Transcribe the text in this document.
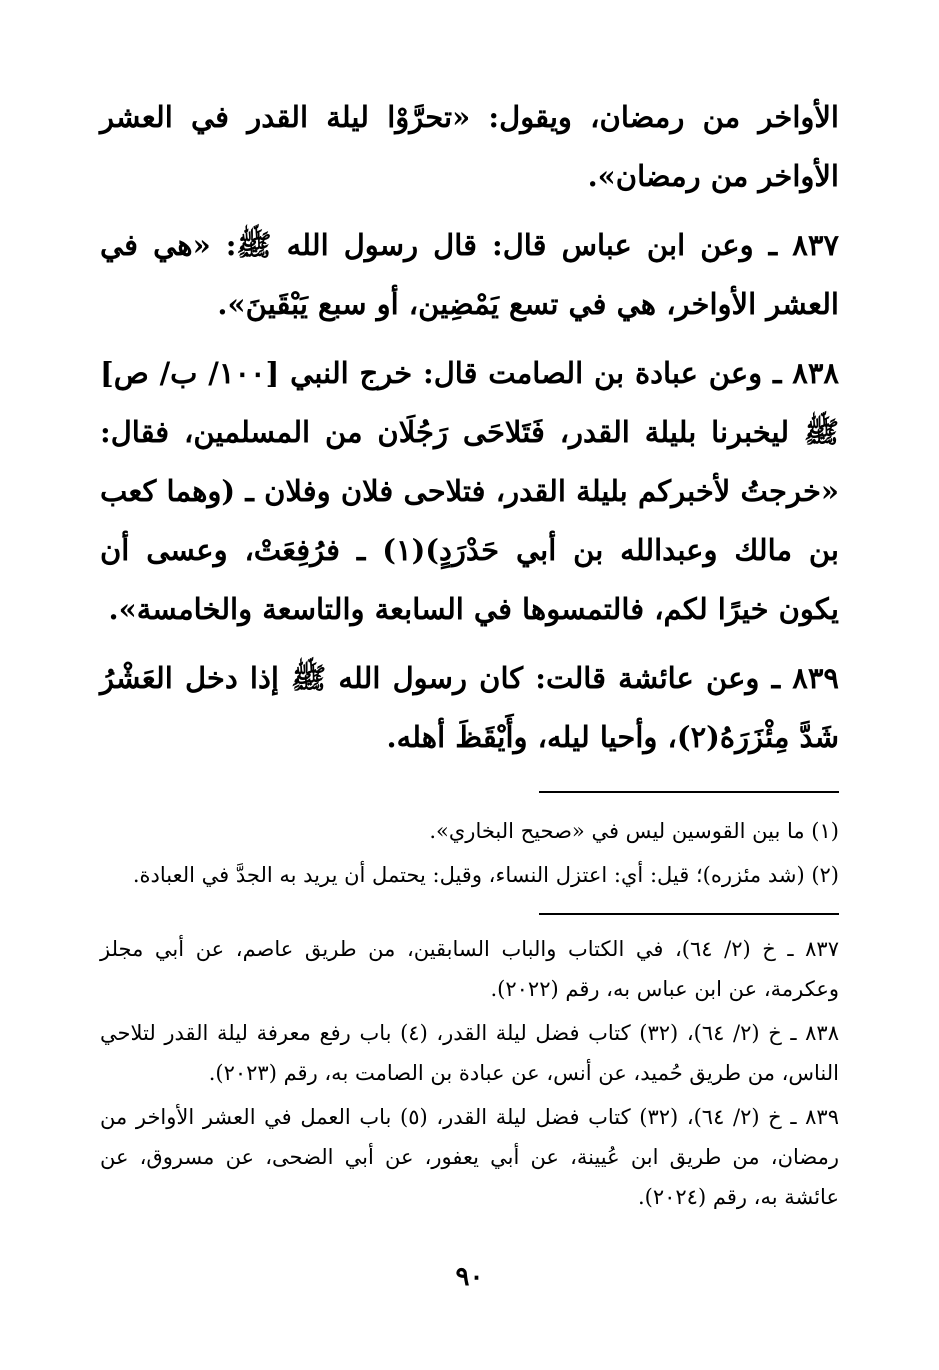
الأواخر من رمضان، ويقول: «تحرَّوْا ليلة القدر في العشر الأواخر من رمضان».

٨٣٧ ـ وعن ابن عباس قال: قال رسول الله ﷺ: «هي في العشر الأواخر، هي في تسع يَمْضِين، أو سبع يَبْقَينَ».

٨٣٨ ـ وعن عبادة بن الصامت قال: خرج النبي [١٠٠/ ب/ ص] ﷺ ليخبرنا بليلة القدر، فَتَلاحَى رَجُلَان من المسلمين، فقال: «خرجتُ لأخبركم بليلة القدر، فتلاحى فلان وفلان ـ (وهما كعب بن مالك وعبدالله بن أبي حَدْرَدٍ)(١) ـ فرُفِعَتْ، وعسى أن يكون خيرًا لكم، فالتمسوها في السابعة والتاسعة والخامسة».

٨٣٩ ـ وعن عائشة قالت: كان رسول الله ﷺ إذا دخل العَشْرُ شَدَّ مِئْزَرَهُ(٢)، وأحيا ليله، وأَيْقَظَ أهله.

(١) ما بين القوسين ليس في «صحيح البخاري».

(٢) (شد مئزره)؛ قيل: أي: اعتزل النساء، وقيل: يحتمل أن يريد به الجدَّ في العبادة.

٨٣٧ ـ خ (٢/ ٦٤)، في الكتاب والباب السابقين، من طريق عاصم، عن أبي مجلز وعكرمة، عن ابن عباس به، رقم (٢٠٢٢).

٨٣٨ ـ خ (٢/ ٦٤)، (٣٢) كتاب فضل ليلة القدر، (٤) باب رفع معرفة ليلة القدر لتلاحي الناس، من طريق حُميد، عن أنس، عن عبادة بن الصامت به، رقم (٢٠٢٣).

٨٣٩ ـ خ (٢/ ٦٤)، (٣٢) كتاب فضل ليلة القدر، (٥) باب العمل في العشر الأواخر من رمضان، من طريق ابن عُيينة، عن أبي يعفور، عن أبي الضحى، عن مسروق، عن عائشة به، رقم (٢٠٢٤).

٩٠
